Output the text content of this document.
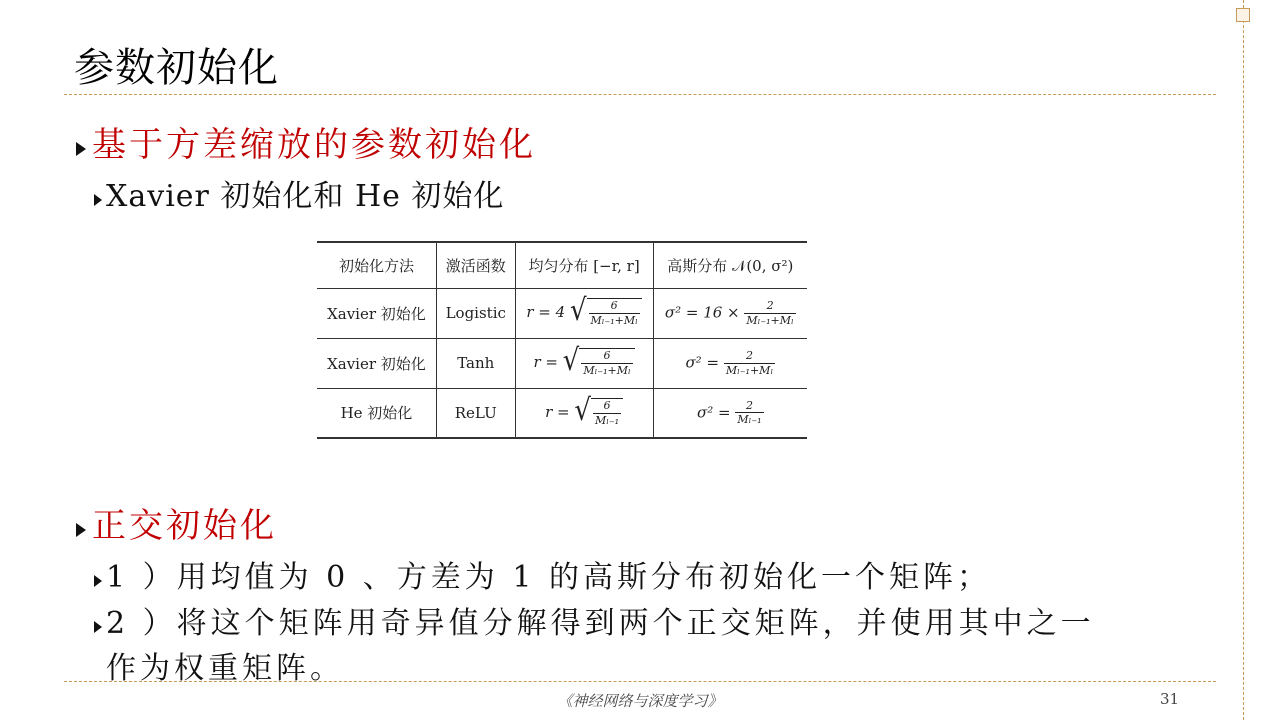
参数初始化
基于方差缩放的参数初始化
Xavier 初始化和 He 初始化
初始化方法	激活函数	均匀分布 [−r, r]	高斯分布 𝒩(0, σ²)
Xavier 初始化	Logistic	r = 4 √ $\frac{6}{\text{Mₗ₋₁+Mₗ}}$	$\sigma^2 = 16 \times \frac{2}{\text{Mₗ₋₁+Mₗ}}$

Xavier 初始化	Tanh	r = √ $\frac{6}{\text{Mₗ₋₁+Mₗ}}$	$\sigma^2 = \frac{2}{\text{Mₗ₋₁+Mₗ}}$

He 初始化	ReLU	r = √ $\frac{6}{\text{Mₗ₋₁}}$	$\sigma^2 = \frac{2}{\text{Mₗ₋₁}}$
正交初始化
1 ）用均值为 0 、方差为 1 的高斯分布初始化一个矩阵；
2 ）将这个矩阵用奇异值分解得到两个正交矩阵，并使用其中之一
作为权重矩阵。
《神经网络与深度学习》	31
